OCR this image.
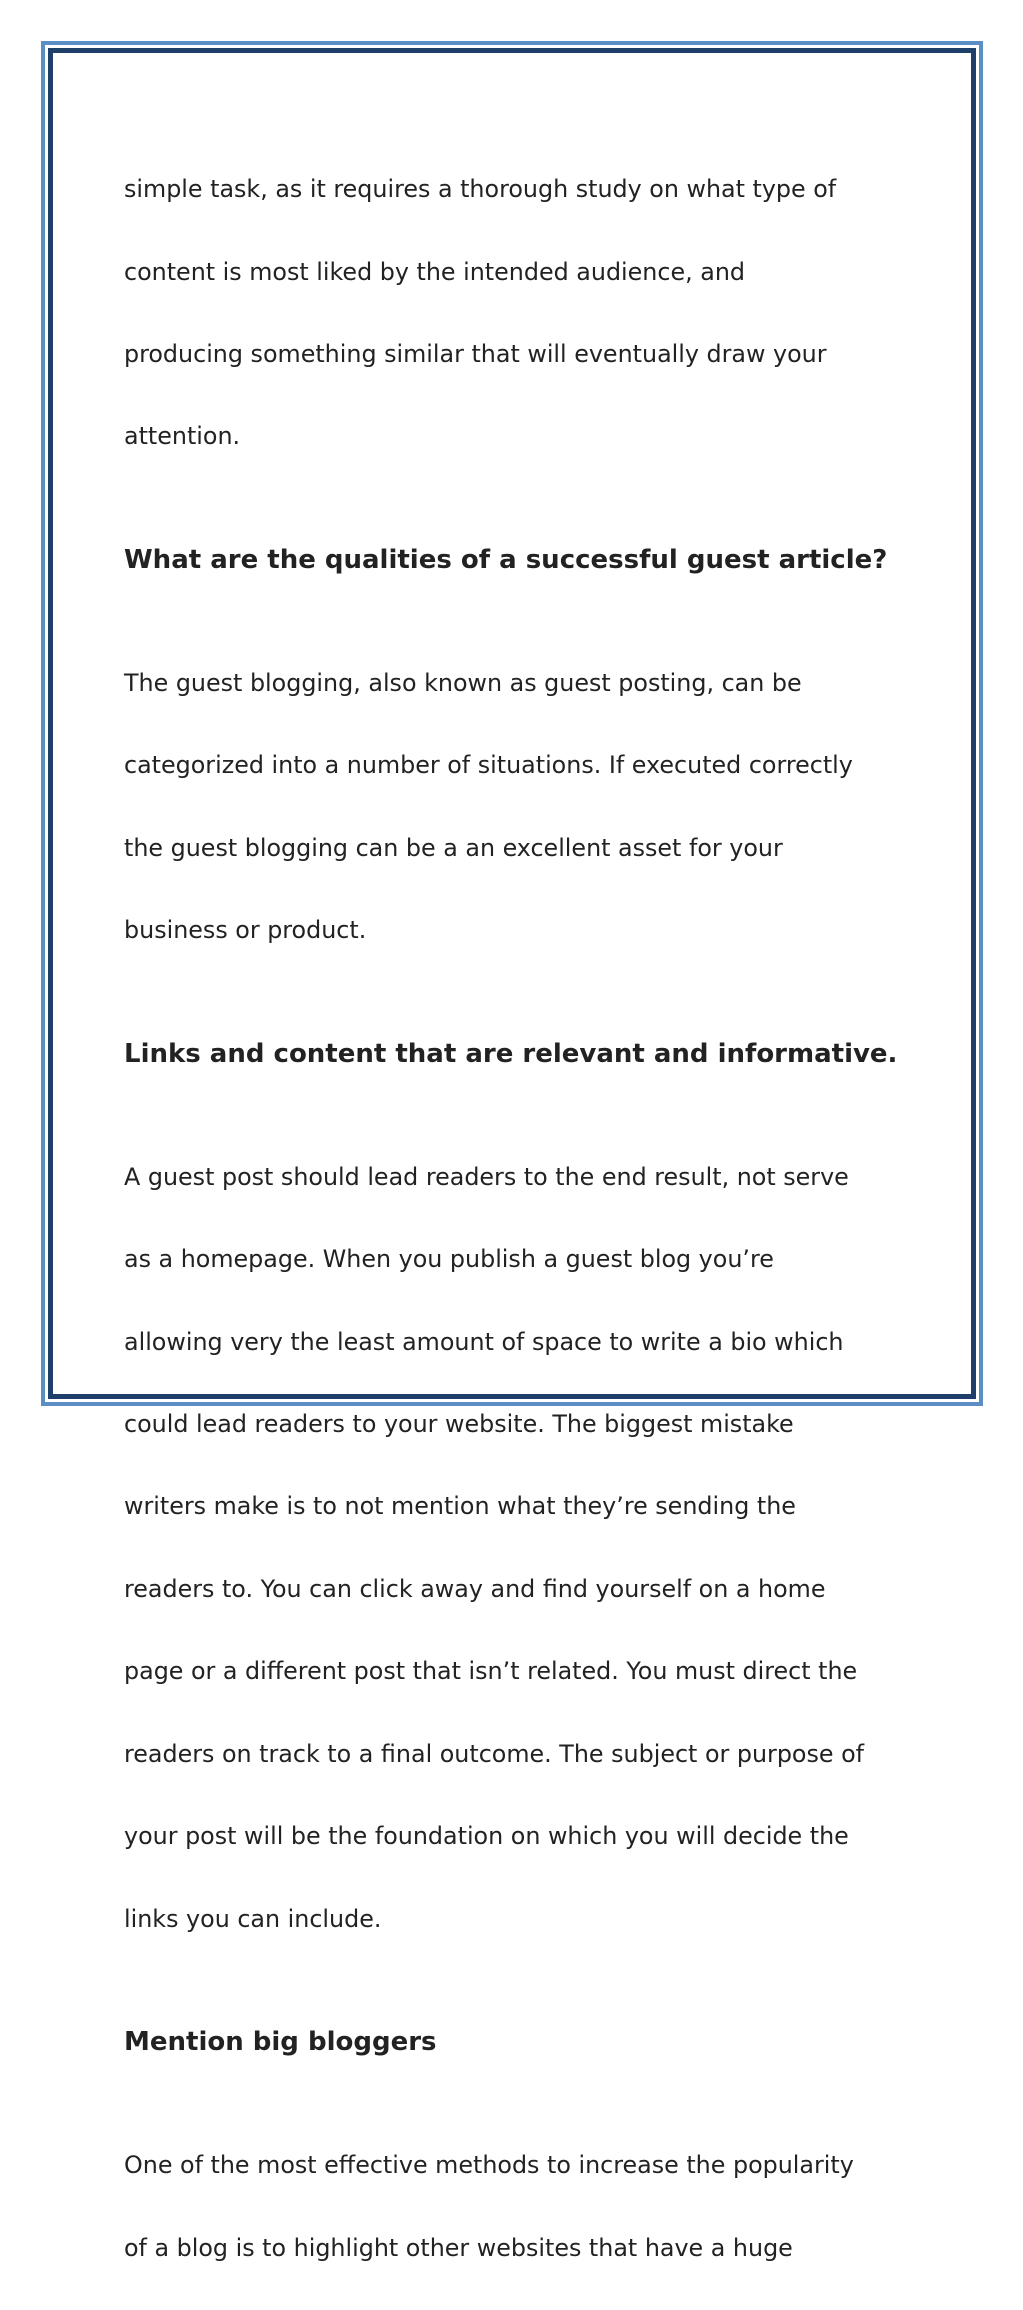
simple task, as it requires a thorough study on what type of

content is most liked by the intended audience, and

producing something similar that will eventually draw your

attention.

What are the qualities of a successful guest article?

The guest blogging, also known as guest posting, can be

categorized into a number of situations. If executed correctly

the guest blogging can be a an excellent asset for your

business or product.

Links and content that are relevant and informative.

A guest post should lead readers to the end result, not serve

as a homepage. When you publish a guest blog you’re

allowing very the least amount of space to write a bio which

could lead readers to your website. The biggest mistake

writers make is to not mention what they’re sending the

readers to. You can click away and find yourself on a home

page or a different post that isn’t related. You must direct the

readers on track to a final outcome. The subject or purpose of

your post will be the foundation on which you will decide the

links you can include.

Mention big bloggers

One of the most effective methods to increase the popularity

of a blog is to highlight other websites that have a huge
